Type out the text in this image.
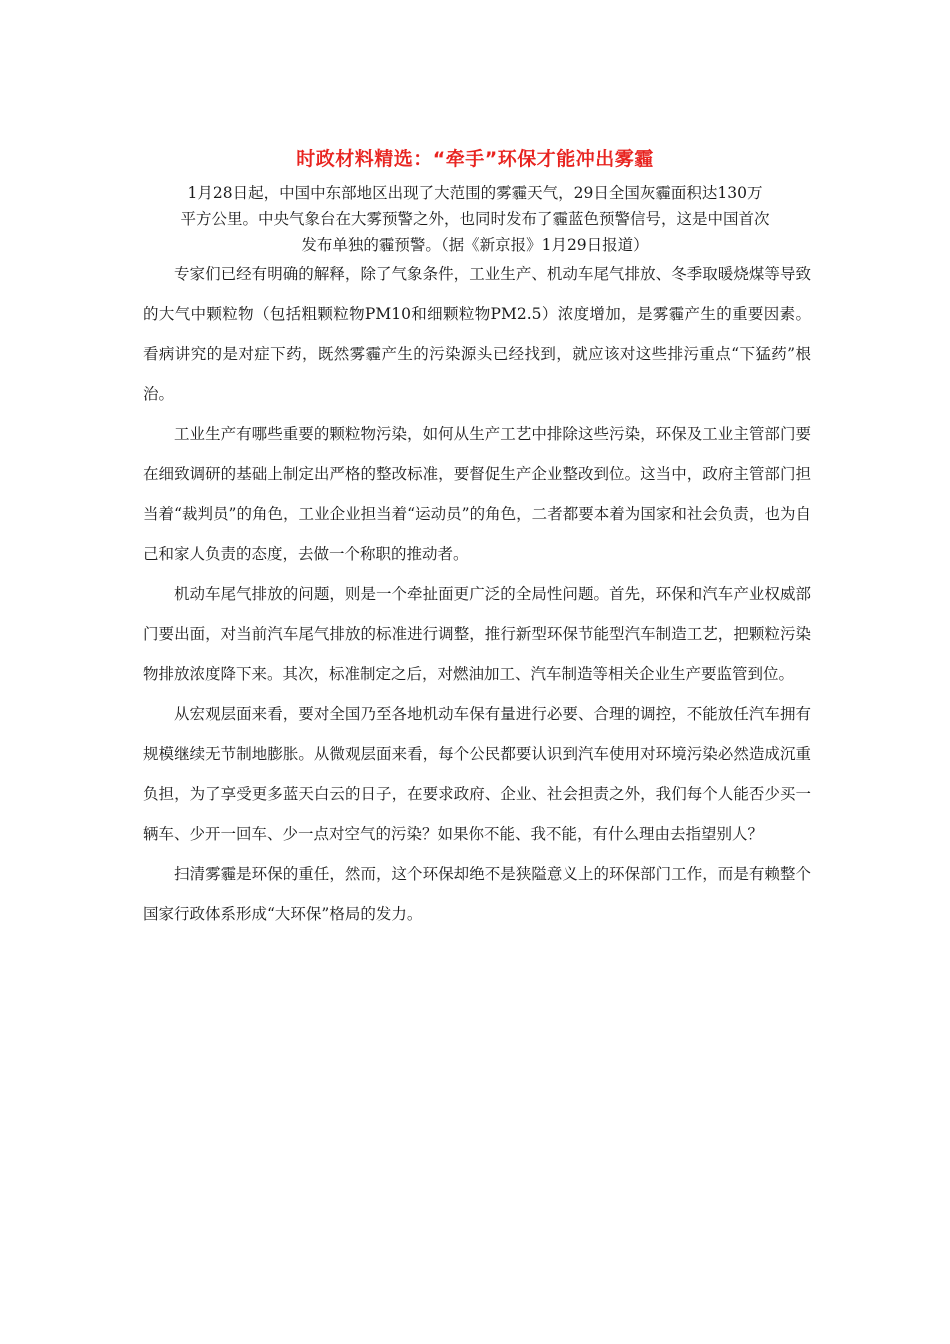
时政材料精选：“牵手”环保才能冲出雾霾
1月28日起，中国中东部地区出现了大范围的雾霾天气，29日全国灰霾面积达130万平方公里。中央气象台在大雾预警之外，也同时发布了霾蓝色预警信号，这是中国首次发布单独的霾预警。（据《新京报》1月29日报道）

专家们已经有明确的解释，除了气象条件，工业生产、机动车尾气排放、冬季取暖烧煤等导致的大气中颗粒物（包括粗颗粒物PM10和细颗粒物PM2.5）浓度增加，是雾霾产生的重要因素。看病讲究的是对症下药，既然雾霾产生的污染源头已经找到，就应该对这些排污重点“下猛药”根治。

工业生产有哪些重要的颗粒物污染，如何从生产工艺中排除这些污染，环保及工业主管部门要在细致调研的基础上制定出严格的整改标准，要督促生产企业整改到位。这当中，政府主管部门担当着“裁判员”的角色，工业企业担当着“运动员”的角色，二者都要本着为国家和社会负责，也为自己和家人负责的态度，去做一个称职的推动者。

机动车尾气排放的问题，则是一个牵扯面更广泛的全局性问题。首先，环保和汽车产业权威部门要出面，对当前汽车尾气排放的标准进行调整，推行新型环保节能型汽车制造工艺，把颗粒污染物排放浓度降下来。其次，标准制定之后，对燃油加工、汽车制造等相关企业生产要监管到位。

从宏观层面来看，要对全国乃至各地机动车保有量进行必要、合理的调控，不能放任汽车拥有规模继续无节制地膨胀。从微观层面来看，每个公民都要认识到汽车使用对环境污染必然造成沉重负担，为了享受更多蓝天白云的日子，在要求政府、企业、社会担责之外，我们每个人能否少买一辆车、少开一回车、少一点对空气的污染？如果你不能、我不能，有什么理由去指望别人？

扫清雾霾是环保的重任，然而，这个环保却绝不是狭隘意义上的环保部门工作，而是有赖整个国家行政体系形成“大环保”格局的发力。
